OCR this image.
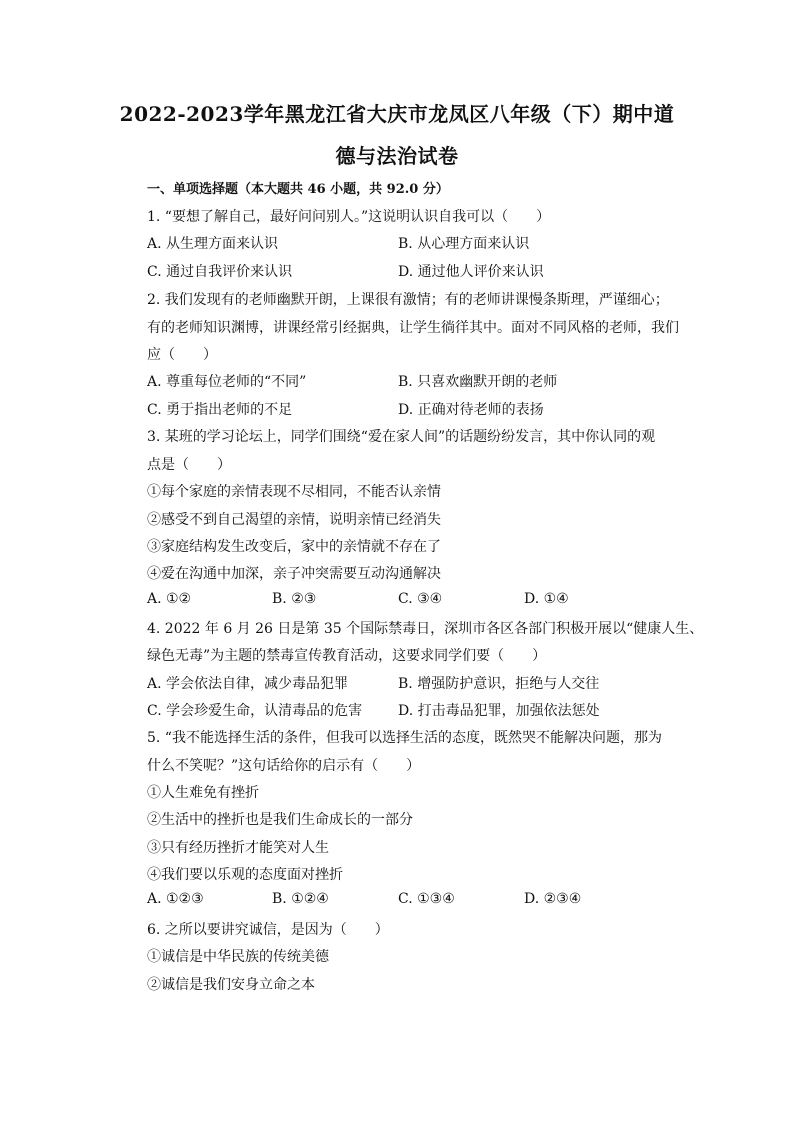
2022-2023学年黑龙江省大庆市龙凤区八年级（下）期中道
德与法治试卷
一、单项选择题（本大题共 46 小题，共 92.0 分）
1. “要想了解自己，最好问问别人。”这说明认识自我可以（　　）
A. 从生理方面来认识	B. 从心理方面来认识
C. 通过自我评价来认识	D. 通过他人评价来认识
2. 我们发现有的老师幽默开朗，上课很有激情；有的老师讲课慢条斯理，严谨细心；
有的老师知识渊博，讲课经常引经据典，让学生徜徉其中。面对不同风格的老师，我们
应（　　）
A. 尊重每位老师的“不同”	B. 只喜欢幽默开朗的老师
C. 勇于指出老师的不足	D. 正确对待老师的表扬
3. 某班的学习论坛上，同学们围绕“爱在家人间”的话题纷纷发言，其中你认同的观
点是（　　）
①每个家庭的亲情表现不尽相同，不能否认亲情
②感受不到自己渴望的亲情，说明亲情已经消失
③家庭结构发生改变后，家中的亲情就不存在了
④爱在沟通中加深，亲子冲突需要互动沟通解决
A. ①②	B. ②③	C. ③④	D. ①④
4. 2022 年 6 月 26 日是第 35 个国际禁毒日，深圳市各区各部门积极开展以“健康人生、
绿色无毒”为主题的禁毒宣传教育活动，这要求同学们要（　　）
A. 学会依法自律，减少毒品犯罪	B. 增强防护意识，拒绝与人交往
C. 学会珍爱生命，认清毒品的危害	D. 打击毒品犯罪，加强依法惩处
5. “我不能选择生活的条件，但我可以选择生活的态度，既然哭不能解决问题，那为
什么不笑呢？”这句话给你的启示有（　　）
①人生难免有挫折
②生活中的挫折也是我们生命成长的一部分
③只有经历挫折才能笑对人生
④我们要以乐观的态度面对挫折
A. ①②③	B. ①②④	C. ①③④	D. ②③④
6. 之所以要讲究诚信，是因为（　　）
①诚信是中华民族的传统美德
②诚信是我们安身立命之本
